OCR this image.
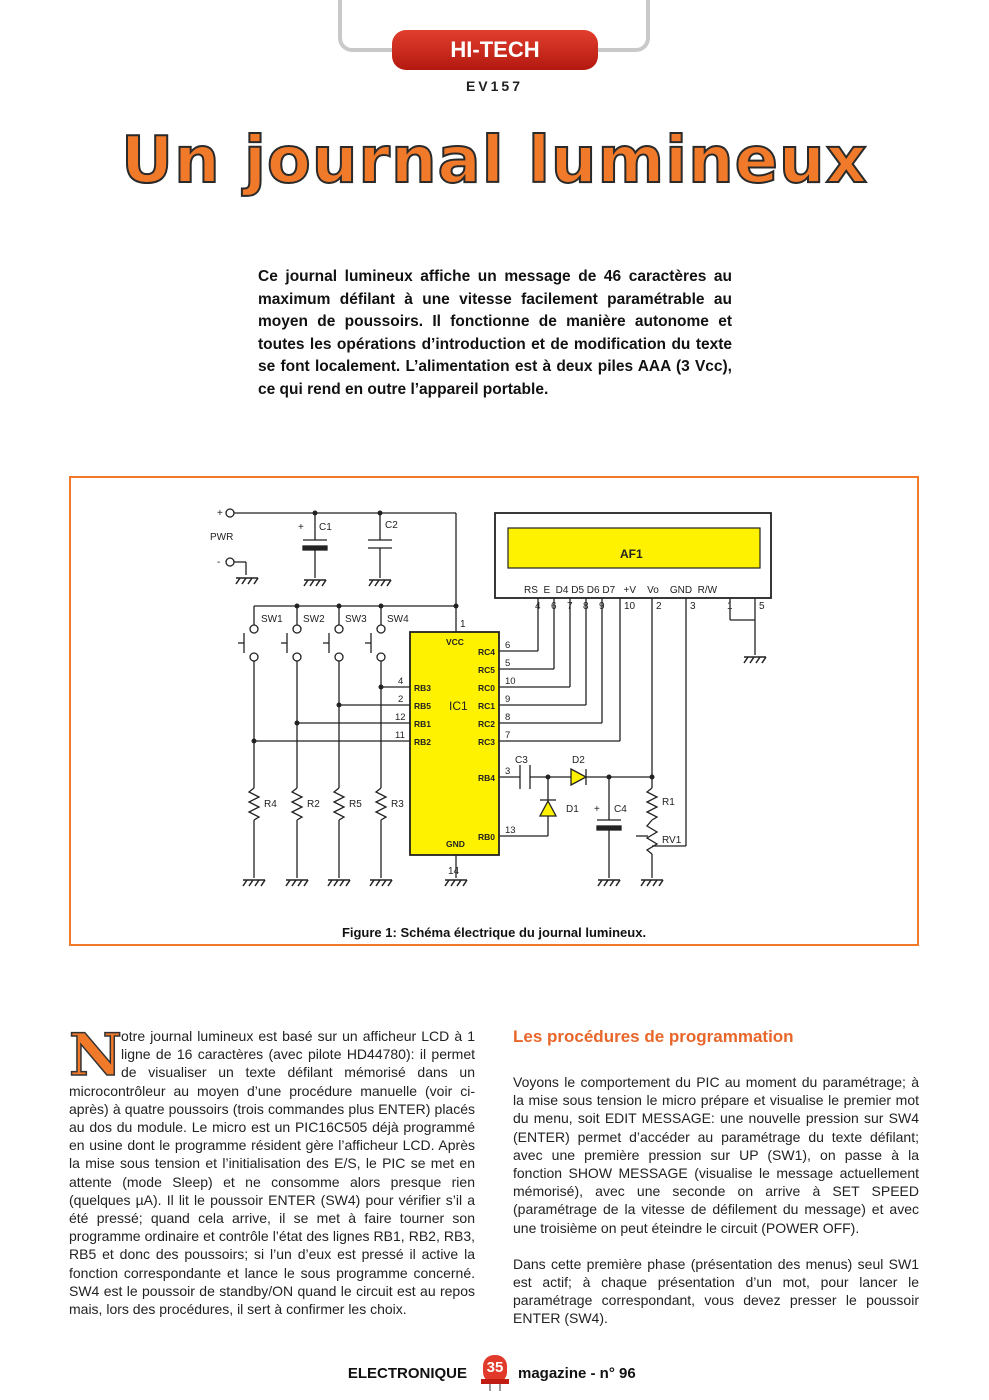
HI-TECH
EV157
Un journal lumineux
Ce journal lumineux affiche un message de 46 caractères au maximum défilant à une vitesse facilement paramétrable au moyen de poussoirs. Il fonctionne de manière autonome et toutes les opérations d’introduction et de modification du texte se font localement. L’alimentation est à deux piles AAA (3 Vcc), ce qui rend en outre l’appareil portable.
PWR
+
-
+ C1	C2
SW1 SW2 SW3 SW4
R4	R2	R5	R3
C3	D2
D1 + C4
R1
RV1
AF1
RS  E  D4 D5 D6 D7   +V    Vo    GND  R/W
14
1
4 6 7 8 9 10 2	3	1	5
VCC
GND
RC4
RC5
RC0
RC1
RC2
RC3
RB4
RB0
RB3
RB5
RB1
RB2
IC1
6
5
10
9
8
7
3
13
4
2
12
11
Figure 1: Schéma électrique du journal lumineux.
N

otre journal lumineux est basé sur un afficheur LCD à 1 ligne de 16 caractères (avec pilote HD44780): il permet de visualiser un texte défilant mémorisé dans un microcontrôleur au moyen d’une procédure manuelle (voir ci-après) à quatre poussoirs (trois commandes plus ENTER) placés au dos du module. Le micro est un PIC16C505 déjà programmé en usine dont le programme résident gère l’afficheur LCD. Après la mise sous tension et l’initialisation des E/S, le PIC se met en attente (mode Sleep) et ne consomme alors presque rien (quelques µA). Il lit le poussoir ENTER (SW4) pour vérifier s’il a été pressé; quand cela arrive, il se met à faire tourner son programme ordinaire et contrôle l’état des lignes RB1, RB2, RB3, RB5 et donc des poussoirs; si l’un d’eux est pressé il active la fonction correspondante et lance le sous programme concerné. SW4 est le poussoir de standby/ON quand le circuit est au repos mais, lors des procédures, il sert à confirmer les choix.

Les procédures de programmation

Voyons le comportement du PIC au moment du paramétrage; à la mise sous tension le micro prépare et visualise le premier mot du menu, soit EDIT MESSAGE: une nouvelle pression sur SW4 (ENTER) permet d’accéder au paramétrage du texte défilant; avec une première pression sur UP (SW1), on passe à la fonction SHOW MESSAGE (visualise le message actuellement mémorisé), avec une seconde on arrive à SET SPEED (paramétrage de la vitesse de défilement du message) et avec une troisième on peut éteindre le circuit (POWER OFF).

Dans cette première phase (présentation des menus) seul SW1 est actif; à chaque présentation d’un mot, pour lancer le paramétrage correspondant, vous devez presser le poussoir ENTER (SW4).

ELECTRONIQUE	35 magazine - n° 96
